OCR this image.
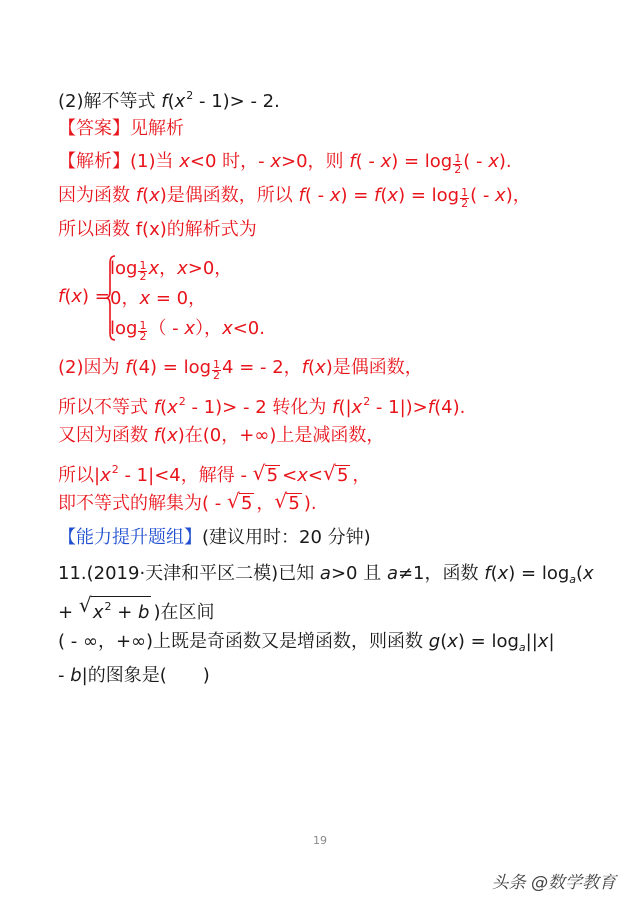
(2)解不等式 $f(x^2 - 1)> - 2$.
【答案】见解析
【解析】(1)当 x<0 时，- x>0，则 $f( - x) = \log \frac{1}{2}$ ( - x).
因为函数 f(x)是偶函数，所以 $f( - x) = f(x) = \log \frac{1}{2}$ ( - x)，
所以函数 f(x)的解析式为
f(x) =
$\log \frac{1}{2}$ x，x>0，
0，x = 0，
$\log \frac{1}{2}$ （ - x），x<0.
(2)因为 $f(4) = \log \frac{1}{2} 4$ = - 2，f(x)是偶函数，
所以不等式 $f(x^2 - 1)> - 2$ 转化为 $f(|x^2 - 1|)>f(4)$.
又因为函数 f(x)在(0，+∞)上是减函数，
所以$|x^2 - 1|<4$，解得 - √ 5 <x< √ 5 ，
即不等式的解集为( - √ 5 ， √ 5 ).
【能力提升题组】(建议用时：20 分钟)
11.(2019·天津和平区二模)已知 a>0 且 a≠1，函数 $f(x) = \log_a(x$
+ √ $x^2 + b$ )在区间
( - ∞，+∞)上既是奇函数又是增函数，则函数 $g(x) = \log_a||x|$
- b|的图象是(　　)
19
头条 @数学教育
